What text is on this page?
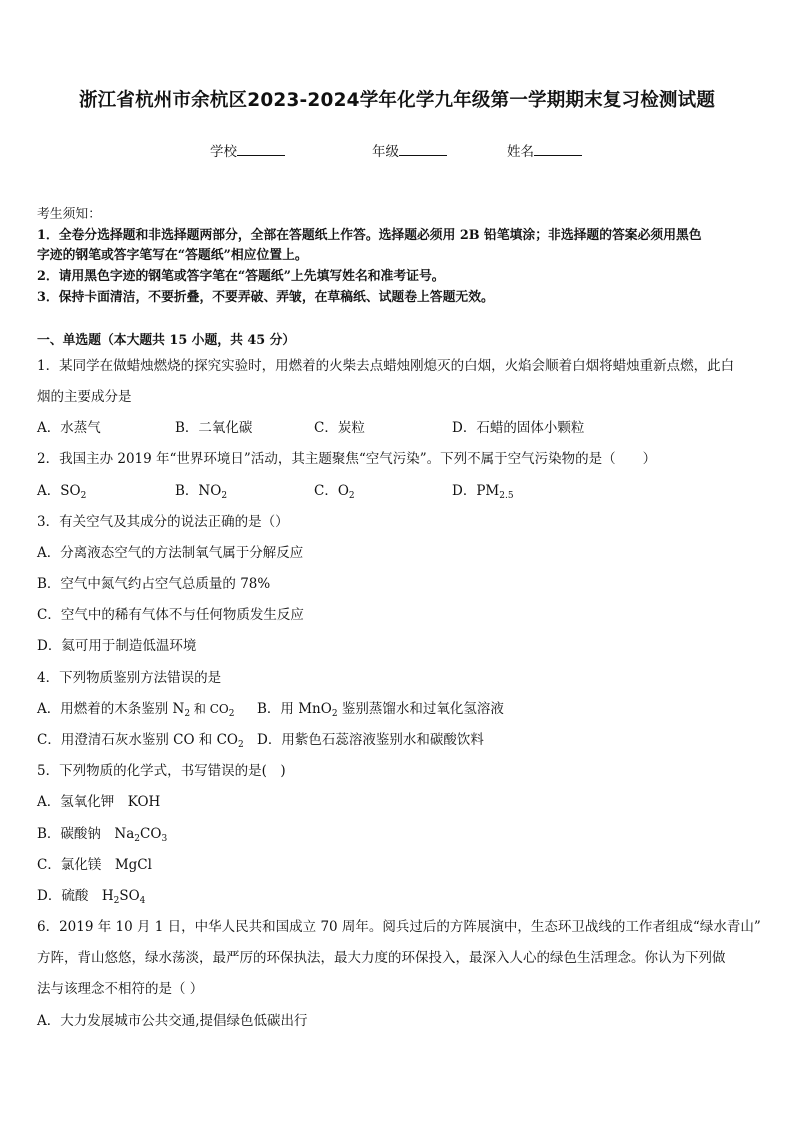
浙江省杭州市余杭区2023-2024学年化学九年级第一学期期末复习检测试题
学校	年级	姓名
考生须知：
1．全卷分选择题和非选择题两部分，全部在答题纸上作答。选择题必须用 2B 铅笔填涂；非选择题的答案必须用黑色
字迹的钢笔或答字笔写在“答题纸”相应位置上。
2．请用黑色字迹的钢笔或答字笔在“答题纸”上先填写姓名和准考证号。
3．保持卡面清洁，不要折叠，不要弄破、弄皱，在草稿纸、试题卷上答题无效。
一、单选题（本大题共 15 小题，共 45 分）
1．某同学在做蜡烛燃烧的探究实验时，用燃着的火柴去点蜡烛刚熄灭的白烟，火焰会顺着白烟将蜡烛重新点燃，此白
烟的主要成分是
A．水蒸气	B．二氧化碳	C．炭粒	D．石蜡的固体小颗粒
2．我国主办 2019 年“世界环境日”活动，其主题聚焦“空气污染”。下列不属于空气污染物的是（　　）
A．$SO_2$	B．$NO_2$	C．$O_2$	D．$PM_{2.5}$
3．有关空气及其成分的说法正确的是（）
A．分离液态空气的方法制氧气属于分解反应
B．空气中氮气约占空气总质量的 78%
C．空气中的稀有气体不与任何物质发生反应
D．氦可用于制造低温环境
4．下列物质鉴别方法错误的是
A．用燃着的木条鉴别 $N_2$ 和 $CO_2$ B．用 MnO$_2$ 鉴别蒸馏水和过氧化氢溶液
C．用澄清石灰水鉴别 CO 和 $CO_2$ D．用紫色石蕊溶液鉴别水和碳酸饮料
5．下列物质的化学式，书写错误的是(　)
A．氢氧化钾　KOH
B．碳酸钠　$Na_2CO_3$
C．氯化镁　MgCl
D．硫酸　$H_2SO_4$
6．2019 年 10 月 1 日，中华人民共和国成立 70 周年。阅兵过后的方阵展演中，生态环卫战线的工作者组成“绿水青山”
方阵，背山悠悠，绿水荡淡，最严厉的环保执法，最大力度的环保投入，最深入人心的绿色生活理念。你认为下列做
法与该理念不相符的是（ ）
A．大力发展城市公共交通,提倡绿色低碳出行
